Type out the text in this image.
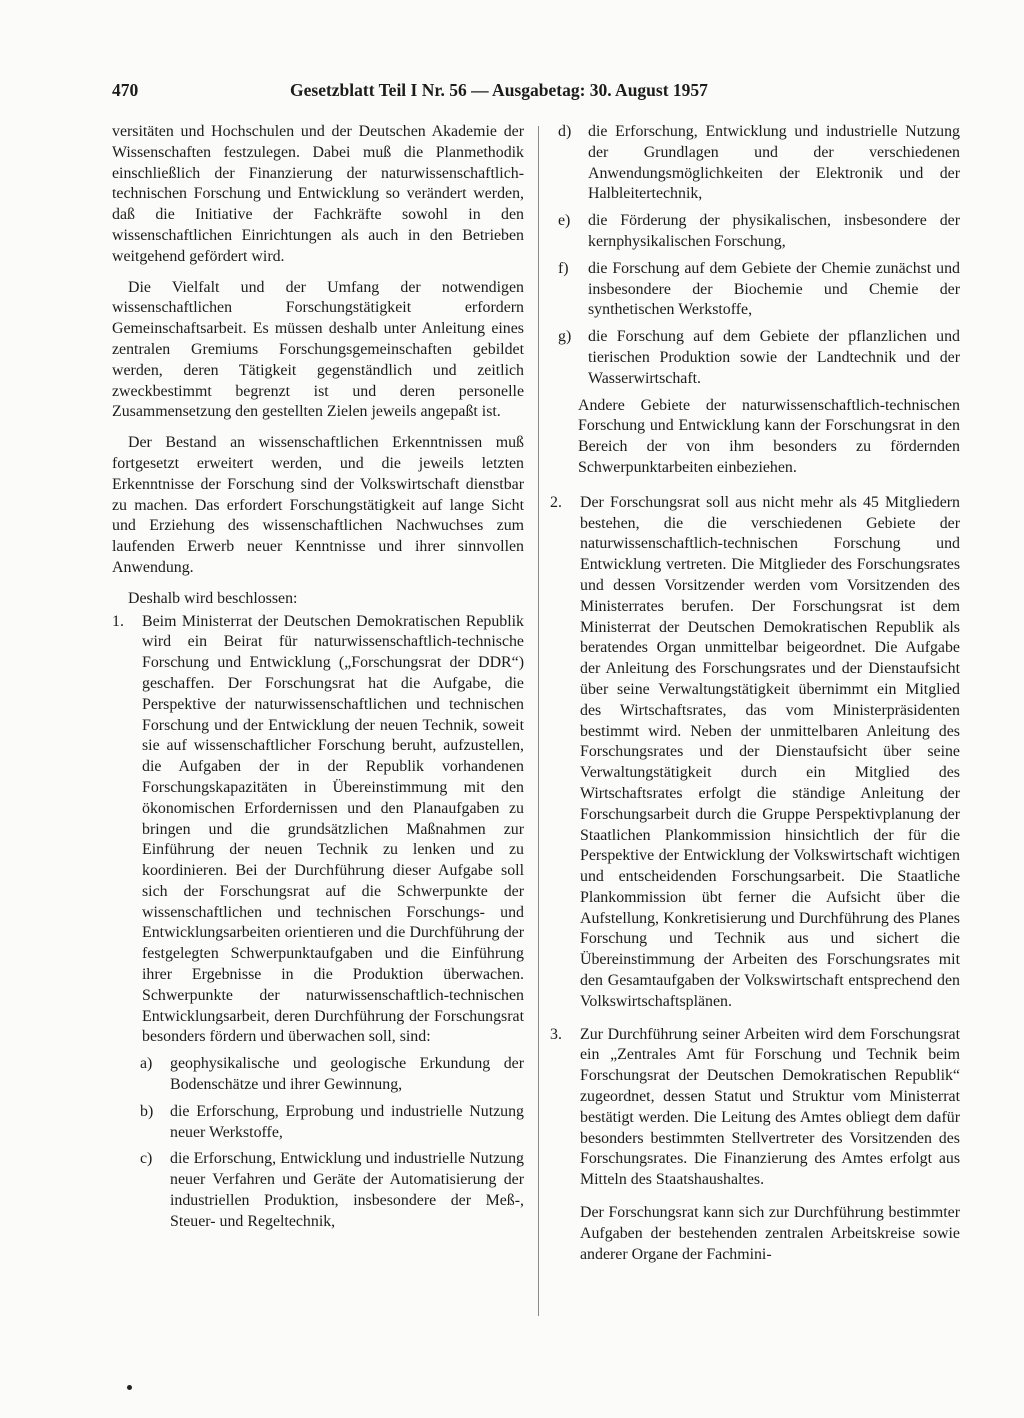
470	Gesetzblatt Teil I Nr. 56 — Ausgabetag: 30. August 1957

versitäten und Hochschulen und der Deutschen Akademie der Wissenschaften festzulegen. Dabei muß die Planmethodik einschließlich der Finanzierung der naturwissenschaftlich-technischen Forschung und Entwicklung so verändert werden, daß die Initiative der Fachkräfte sowohl in den wissenschaftlichen Einrichtungen als auch in den Betrieben weitgehend gefördert wird.

Die Vielfalt und der Umfang der notwendigen wissenschaftlichen Forschungstätigkeit erfordern Gemeinschaftsarbeit. Es müssen deshalb unter Anleitung eines zentralen Gremiums Forschungsgemeinschaften gebildet werden, deren Tätigkeit gegenständlich und zeitlich zweckbestimmt begrenzt ist und deren personelle Zusammensetzung den gestellten Zielen jeweils angepaßt ist.

Der Bestand an wissenschaftlichen Erkenntnissen muß fortgesetzt erweitert werden, und die jeweils letzten Erkenntnisse der Forschung sind der Volkswirtschaft dienstbar zu machen. Das erfordert Forschungstätigkeit auf lange Sicht und Erziehung des wissenschaftlichen Nachwuchses zum laufenden Erwerb neuer Kenntnisse und ihrer sinnvollen Anwendung.

Deshalb wird beschlossen:

1. Beim Ministerrat der Deutschen Demokratischen Republik wird ein Beirat für naturwissenschaftlich-technische Forschung und Entwicklung („Forschungsrat der DDR“) geschaffen. Der Forschungsrat hat die Aufgabe, die Perspektive der naturwissenschaftlichen und technischen Forschung und der Entwicklung der neuen Technik, soweit sie auf wissenschaftlicher Forschung beruht, aufzustellen, die Aufgaben der in der Republik vorhandenen Forschungskapazitäten in Übereinstimmung mit den ökonomischen Erfordernissen und den Planaufgaben zu bringen und die grundsätzlichen Maßnahmen zur Einführung der neuen Technik zu lenken und zu koordinieren. Bei der Durchführung dieser Aufgabe soll sich der Forschungsrat auf die Schwerpunkte der wissenschaftlichen und technischen Forschungs- und Entwicklungsarbeiten orientieren und die Durchführung der festgelegten Schwerpunktaufgaben und die Einführung ihrer Ergebnisse in die Produktion überwachen. Schwerpunkte der naturwissenschaftlich-technischen Entwicklungsarbeit, deren Durchführung der Forschungsrat besonders fördern und überwachen soll, sind:
a) geophysikalische und geologische Erkundung der Bodenschätze und ihrer Gewinnung,
b) die Erforschung, Erprobung und industrielle Nutzung neuer Werkstoffe,
c) die Erforschung, Entwicklung und industrielle Nutzung neuer Verfahren und Geräte der Automatisierung der industriellen Produktion, insbesondere der Meß-, Steuer- und Regeltechnik,
d) die Erforschung, Entwicklung und industrielle Nutzung der Grundlagen und der verschiedenen Anwendungsmöglichkeiten der Elektronik und der Halbleitertechnik,
e) die Förderung der physikalischen, insbesondere der kernphysikalischen Forschung,
f) die Forschung auf dem Gebiete der Chemie zunächst und insbesondere der Biochemie und Chemie der synthetischen Werkstoffe,
g) die Forschung auf dem Gebiete der pflanzlichen und tierischen Produktion sowie der Landtechnik und der Wasserwirtschaft.

Andere Gebiete der naturwissenschaftlich-technischen Forschung und Entwicklung kann der Forschungsrat in den Bereich der von ihm besonders zu fördernden Schwerpunktarbeiten einbeziehen.

2. Der Forschungsrat soll aus nicht mehr als 45 Mitgliedern bestehen, die die verschiedenen Gebiete der naturwissenschaftlich-technischen Forschung und Entwicklung vertreten. Die Mitglieder des Forschungsrates und dessen Vorsitzender werden vom Vorsitzenden des Ministerrates berufen. Der Forschungsrat ist dem Ministerrat der Deutschen Demokratischen Republik als beratendes Organ unmittelbar beigeordnet. Die Aufgabe der Anleitung des Forschungsrates und der Dienstaufsicht über seine Verwaltungstätigkeit übernimmt ein Mitglied des Wirtschaftsrates, das vom Ministerpräsidenten bestimmt wird. Neben der unmittelbaren Anleitung des Forschungsrates und der Dienstaufsicht über seine Verwaltungstätigkeit durch ein Mitglied des Wirtschaftsrates erfolgt die ständige Anleitung der Forschungsarbeit durch die Gruppe Perspektivplanung der Staatlichen Plankommission hinsichtlich der für die Perspektive der Entwicklung der Volkswirtschaft wichtigen und entscheidenden Forschungsarbeit. Die Staatliche Plankommission übt ferner die Aufsicht über die Aufstellung, Konkretisierung und Durchführung des Planes Forschung und Technik aus und sichert die Übereinstimmung der Arbeiten des Forschungsrates mit den Gesamtaufgaben der Volkswirtschaft entsprechend den Volkswirtschaftsplänen.
3. Zur Durchführung seiner Arbeiten wird dem Forschungsrat ein „Zentrales Amt für Forschung und Technik beim Forschungsrat der Deutschen Demokratischen Republik“ zugeordnet, dessen Statut und Struktur vom Ministerrat bestätigt werden. Die Leitung des Amtes obliegt dem dafür besonders bestimmten Stellvertreter des Vorsitzenden des Forschungsrates. Die Finanzierung des Amtes erfolgt aus Mitteln des Staatshaushaltes.

Der Forschungsrat kann sich zur Durchführung bestimmter Aufgaben der bestehenden zentralen Arbeitskreise sowie anderer Organe der Fachmini-
